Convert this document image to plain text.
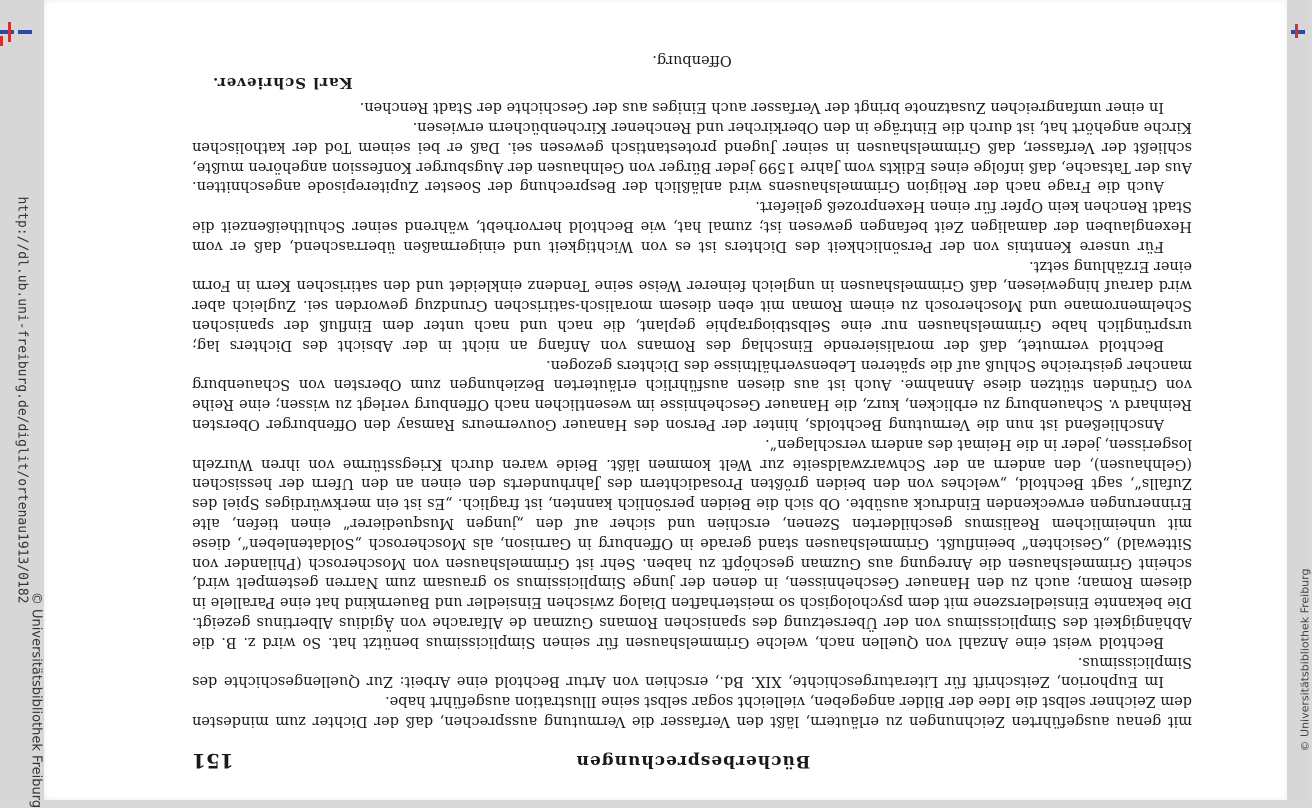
http://dl.ub.uni-freiburg.de/diglit/ortenau1913/0182
© Universitätsbibliothek Freiburg	Bücherbesprechungen
151

mit genau ausgeführten Zeichnungen zu erläutern, läßt den Verfasser die Vermutung aussprechen, daß der Dichter zum mindesten dem Zeichner selbst die Idee der Bilder angegeben, vielleicht sogar selbst seine Illustration ausgeführt habe.

Im Euphorion, Zeitschrift für Literaturgeschichte, XIX. Bd., erschien von Artur Bechtold eine Arbeit: Zur Quellengeschichte des Simplicissimus.

Bechtold weist eine Anzahl von Quellen nach, welche Grimmelshausen für seinen Simplicissimus benützt hat. So wird z. B. die Abhängigkeit des Simplicissimus von der Übersetzung des spanischen Romans Guzman de Alfarache von Ägidius Albertinus gezeigt. Die bekannte Einsiedlerszene mit dem psychologisch so meisterhaften Dialog zwischen Einsiedler und Bauernkind hat eine Parallele in diesem Roman; auch zu den Hanauer Geschehnissen, in denen der junge Simplicissimus so grausam zum Narren gestempelt wird, scheint Grimmelshausen die Anregung aus Guzman geschöpft zu haben. Sehr ist Grimmelshausen von Moscherosch (Philander von Sittewald) „Gesichten“ beeinflußt. Grimmelshausen stand gerade in Offenburg in Garnison, als Moscherosch „Soldatenleben“, diese mit unheimlichem Realismus geschilderten Szenen, erschien und sicher auf den „jungen Musquedierer“ einen tiefen, alte Erinnerungen erweckenden Eindruck ausübte. Ob sich die Beiden persönlich kannten, ist fraglich. „Es ist ein merkwürdiges Spiel des Zufalls“, sagt Bechtold, „welches von den beiden größten Prosadichtern des Jahrhunderts den einen an den Ufern der hessischen (Gelnhausen), den andern an der Schwarzwaldseite zur Welt kommen läßt. Beide waren durch Kriegsstürme von ihren Wurzeln losgerissen, jeder in die Heimat des andern verschlagen“.

Anschließend ist nun die Vermutung Bechtolds, hinter der Person des Hanauer Gouverneurs Ramsay den Offenburger Obersten Reinhard v. Schauenburg zu erblicken, kurz, die Hanauer Geschehnisse im wesentlichen nach Offenburg verlegt zu wissen; eine Reihe von Gründen stützen diese Annahme. Auch ist aus diesen ausführlich erläuterten Beziehungen zum Obersten von Schauenburg mancher geistreiche Schluß auf die späteren Lebensverhältnisse des Dichters gezogen.

Bechtold vermutet, daß der moralisierende Einschlag des Romans von Anfang an nicht in der Absicht des Dichters lag; ursprünglich habe Grimmelshausen nur eine Selbstbiographie geplant, die nach und nach unter dem Einfluß der spanischen Schelmenromane und Moscherosch zu einem Roman mit eben diesem moralisch-satirischen Grundzug geworden sei. Zugleich aber wird darauf hingewiesen, daß Grimmelshausen in ungleich feinerer Weise seine Tendenz einkleidet und den satirischen Kern in Form einer Erzählung setzt.

Für unsere Kenntnis von der Persönlichkeit des Dichters ist es von Wichtigkeit und einigermaßen überraschend, daß er vom Hexenglauben der damaligen Zeit befangen gewesen ist; zumal hat, wie Bechtold hervorhebt, während seiner Schultheißenzeit die Stadt Renchen kein Opfer für einen Hexenprozeß geliefert.

Auch die Frage nach der Religion Grimmelshausens wird anläßlich der Besprechung der Soester Zupiterepisode angeschnitten. Aus der Tatsache, daß infolge eines Edikts vom Jahre 1599 jeder Bürger von Gelnhausen der Augsburger Konfession angehören mußte, schließt der Verfasser, daß Grimmelshausen in seiner Jugend protestantisch gewesen sei. Daß er bei seinem Tod der katholischen Kirche angehört hat, ist durch die Einträge in den Oberkircher und Renchener Kirchenbüchern erwiesen.

In einer umfangreichen Zusatznote bringt der Verfasser auch Einiges aus der Geschichte der Stadt Renchen.

Karl Schriever.
Offenburg.
© Universitätsbibliothek Freiburg
